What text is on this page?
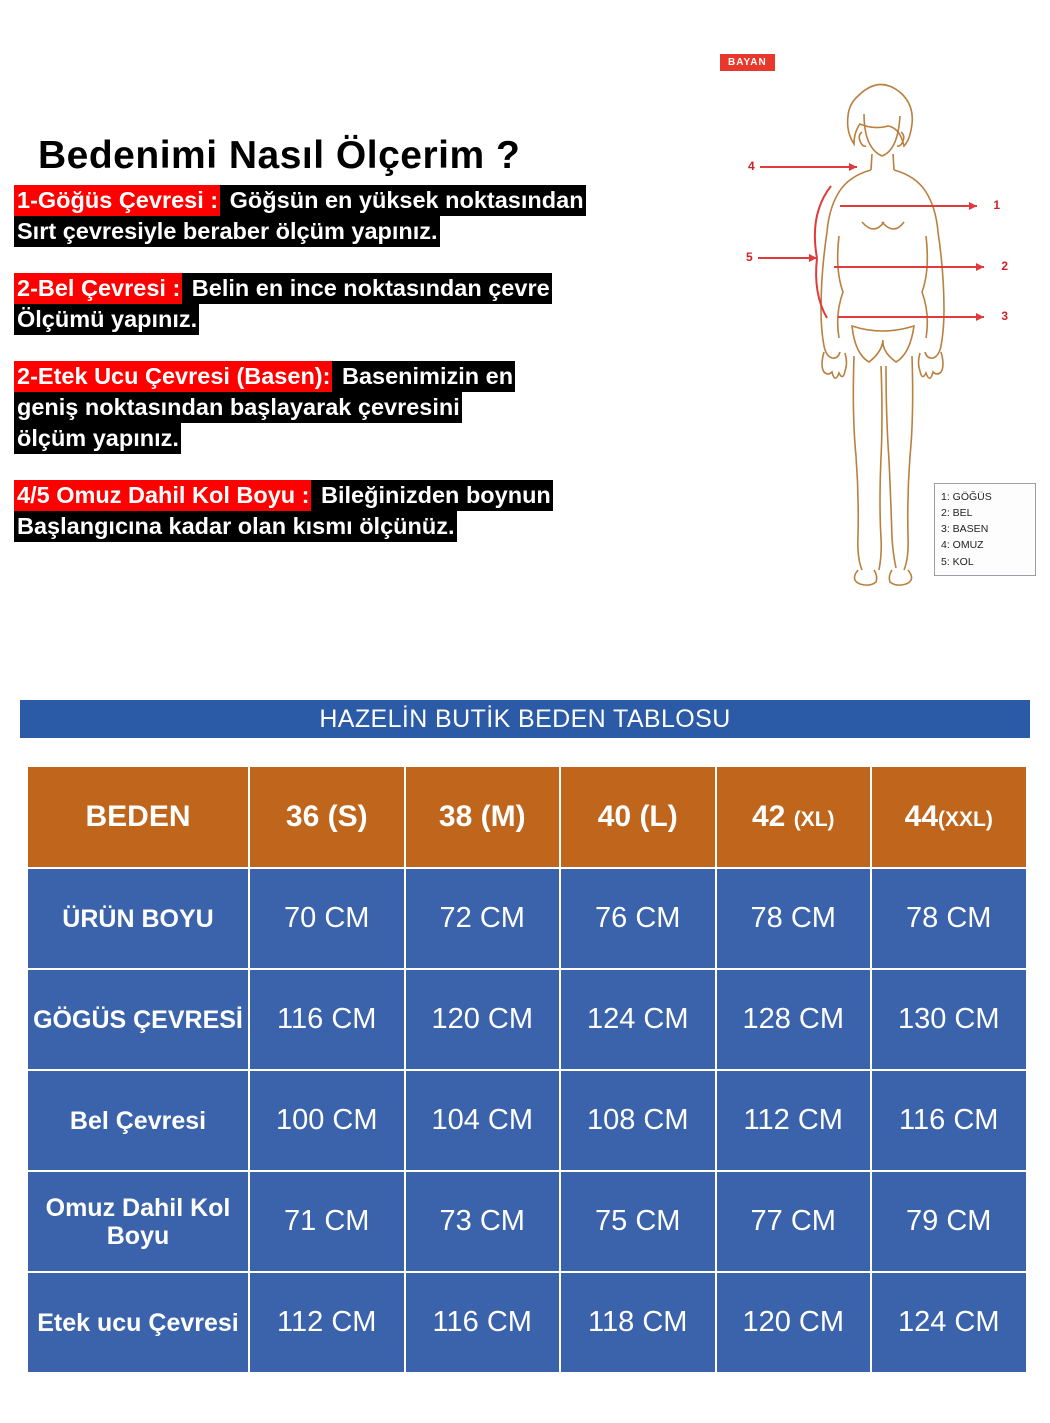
Bedenimi Nasıl Ölçerim ?
1-Göğüs Çevresi : Göğsün en yüksek noktasından
Sırt çevresiyle beraber ölçüm yapınız.
2-Bel Çevresi : Belin en ince noktasından çevre
Ölçümü yapınız.
2-Etek Ucu Çevresi (Basen): Basenimizin en
geniş noktasından başlayarak çevresini
ölçüm yapınız.
4/5 Omuz Dahil Kol Boyu : Bileğinizden boynun
Başlangıcına kadar olan kısmı ölçünüz.
BAYAN
1
2
3
4
5
1: GÖĞÜS
2: BEL
3: BASEN
4: OMUZ
5: KOL
HAZELİN BUTİK BEDEN TABLOSU
BEDEN	36 (S)	38 (M)	40 (L)	42 (XL)	44(XXL)
ÜRÜN BOYU	70 CM	72 CM	76 CM	78 CM	78 CM
GÖGÜS ÇEVRESİ	116 CM	120 CM	124 CM	128 CM	130 CM
Bel Çevresi	100 CM	104 CM	108 CM	112 CM	116 CM
Omuz Dahil Kol Boyu	71 CM	73 CM	75 CM	77 CM	79 CM
Etek ucu Çevresi	112 CM	116 CM	118 CM	120 CM	124 CM
